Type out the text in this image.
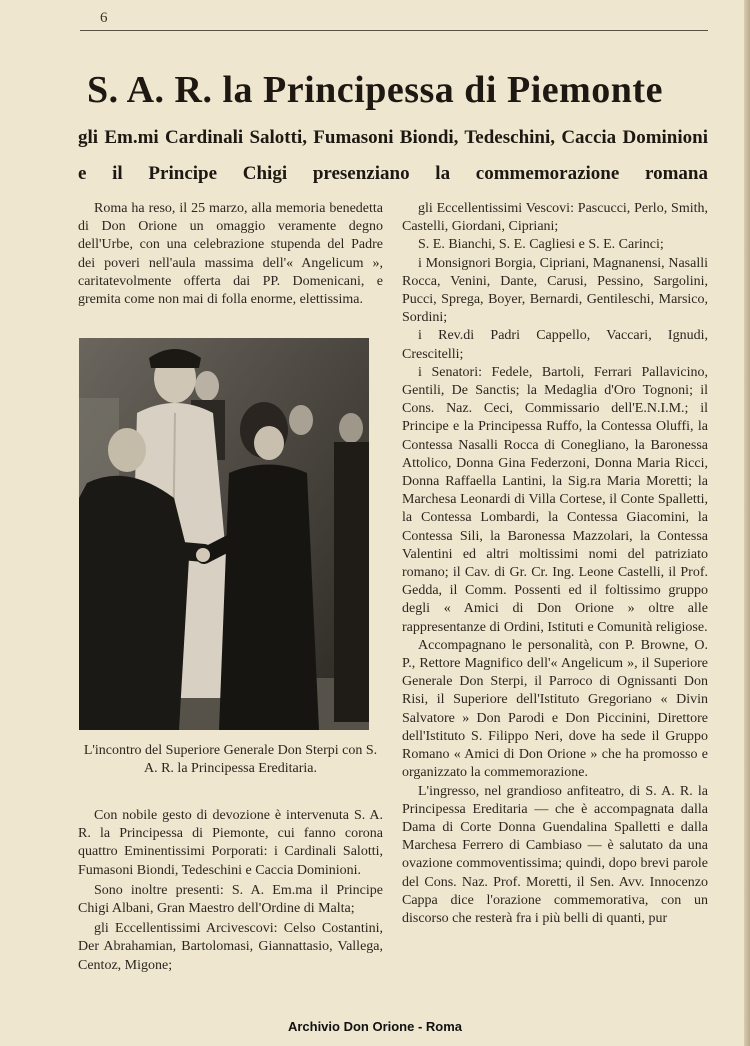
6
S. A. R. la Principessa di Piemonte

gli Em.mi Cardinali Salotti, Fumasoni Biondi, Tedeschini, Caccia Dominioni e il Principe Chigi presenziano la commemorazione romana

Roma ha reso, il 25 marzo, alla memoria benedetta di Don Orione un omaggio veramente degno dell'Urbe, con una celebrazione stupenda del Padre dei poveri nell'aula massima dell'« Angelicum », caritatevolmente offerta dai PP. Domenicani, e gremita come non mai di folla enorme, elettissima.

L'incontro del Superiore Generale Don Sterpi con S. A. R. la Principessa Ereditaria.

Con nobile gesto di devozione è intervenuta S. A. R. la Principessa di Piemonte, cui fanno corona quattro Eminentissimi Porporati: i Cardinali Salotti, Fumasoni Biondi, Tedeschini e Caccia Dominioni.

Sono inoltre presenti: S. A. Em.ma il Principe Chigi Albani, Gran Maestro dell'Ordine di Malta;

gli Eccellentissimi Arcivescovi: Celso Costantini, Der Abrahamian, Bartolomasi, Giannattasio, Vallega, Centoz, Migone;

gli Eccellentissimi Vescovi: Pascucci, Perlo, Smith, Castelli, Giordani, Cipriani;

S. E. Bianchi, S. E. Cagliesi e S. E. Carinci;

i Monsignori Borgia, Cipriani, Magnanensi, Nasalli Rocca, Venini, Dante, Carusi, Pessino, Sargolini, Pucci, Sprega, Boyer, Bernardi, Gentileschi, Marsico, Sordini;

i Rev.di Padri Cappello, Vaccari, Ignudi, Crescitelli;

i Senatori: Fedele, Bartoli, Ferrari Pallavicino, Gentili, De Sanctis; la Medaglia d'Oro Tognoni; il Cons. Naz. Ceci, Commissario dell'E.N.I.M.; il Principe e la Principessa Ruffo, la Contessa Oluffi, la Contessa Nasalli Rocca di Conegliano, la Baronessa Attolico, Donna Gina Federzoni, Donna Maria Ricci, Donna Raffaella Lantini, la Sig.ra Maria Moretti; la Marchesa Leonardi di Villa Cortese, il Conte Spalletti, la Contessa Lombardi, la Contessa Giacomini, la Contessa Sili, la Baronessa Mazzolari, la Contessa Valentini ed altri moltissimi nomi del patriziato romano; il Cav. di Gr. Cr. Ing. Leone Castelli, il Prof. Gedda, il Comm. Possenti ed il foltissimo gruppo degli « Amici di Don Orione » oltre alle rappresentanze di Ordini, Istituti e Comunità religiose.

Accompagnano le personalità, con P. Browne, O. P., Rettore Magnifico dell'« Angelicum », il Superiore Generale Don Sterpi, il Parroco di Ognissanti Don Risi, il Superiore dell'Istituto Gregoriano « Divin Salvatore » Don Parodi e Don Piccinini, Direttore dell'Istituto S. Filippo Neri, dove ha sede il Gruppo Romano « Amici di Don Orione » che ha promosso e organizzato la commemorazione.

L'ingresso, nel grandioso anfiteatro, di S. A. R. la Principessa Ereditaria — che è accompagnata dalla Dama di Corte Donna Guendalina Spalletti e dalla Marchesa Ferrero di Cambiaso — è salutato da una ovazione commoventissima; quindi, dopo brevi parole del Cons. Naz. Prof. Moretti, il Sen. Avv. Innocenzo Cappa dice l'orazione commemorativa, con un discorso che resterà fra i più belli di quanti, pur

Archivio Don Orione - Roma
